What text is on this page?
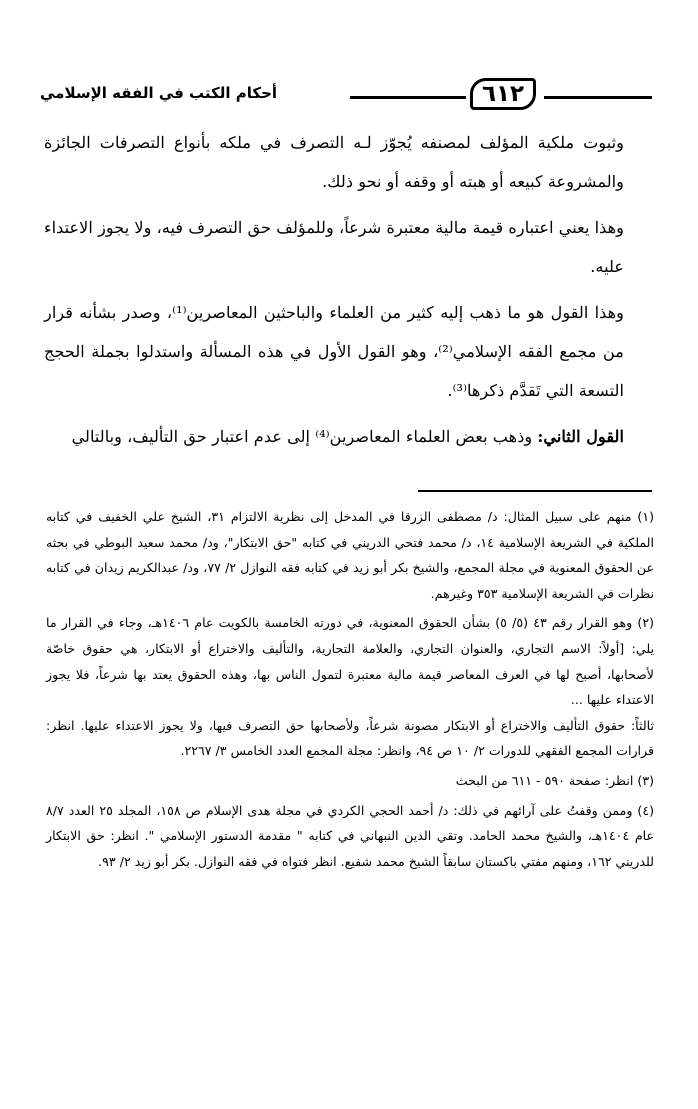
٦١٢
أحكام الكتب في الفقه الإسلامي

وثبوت ملكية المؤلف لمصنفه يُجوّز لـه التصرف في ملكه بأنواع التصرفات الجائزة والمشروعة كبيعه أو هبته أو وقفه أو نحو ذلك.

وهذا يعني اعتباره قيمة مالية معتبرة شرعاً، وللمؤلف حق التصرف فيه، ولا يجوز الاعتداء عليه.

وهذا القول هو ما ذهب إليه كثير من العلماء والباحثين المعاصرين⁽¹⁾، وصدر بشأنه قرار من مجمع الفقه الإسلامي⁽²⁾، وهو القول الأول في هذه المسألة واستدلوا بجملة الحجج التسعة التي تَقدَّم ذكرها⁽³⁾.

القول الثاني: وذهب بعض العلماء المعاصرين⁽⁴⁾ إلى عدم اعتبار حق التأليف، وبالتالي

(١) منهم على سبيل المثال: د/ مصطفى الزرقا في المدخل إلى نظرية الالتزام ٣١، الشيخ علي الخفيف في كتابه الملكية في الشريعة الإسلامية ١٤، د/ محمد فتحي الدريني في كتابه "حق الابتكار"، ود/ محمد سعيد البوطي في بحثه عن الحقوق المعنوية في مجلة المجمع، والشيخ بكر أبو زيد في كتابه فقه النوازل ٢/ ٧٧، ود/ عبدالكريم زيدان في كتابه نظرات في الشريعة الإسلامية ٣٥٣ وغيرهم.

(٢) وهو القرار رقم ٤٣ (٥/ ٥) بشأن الحقوق المعنوية، في دورته الخامسة بالكويت عام ١٤٠٦هـ، وجاء في القرار ما يلي: [أولاً: الاسم التجاري، والعنوان التجاري، والعلامة التجارية، والتأليف والاختراع أو الابتكار، هي حقوق خاصّة لأصحابها، أصبح لها في العرف المعاصر قيمة مالية معتبرة لتمول الناس بها، وهذه الحقوق يعتد بها شرعاً، فلا يجوز الاعتداء عليها ...

ثالثاً: حقوق التأليف والاختراع أو الابتكار مصونة شرعاً، ولأصحابها حق التصرف فيها، ولا يجوز الاعتداء عليها. انظر: قرارات المجمع الفقهي للدورات ٢/ ١٠ ص ٩٤، وانظر: مجلة المجمع العدد الخامس ٣/ ٢٢٦٧.

(٣) انظر: صفحة ٥٩٠ - ٦١١ من البحث

(٤) وممن وقفتُ على آرائهم في ذلك: د/ أحمد الحجي الكردي في مجلة هدى الإسلام ص ١٥٨، المجلد ٢٥ العدد ٨/٧ عام ١٤٠٤هـ، والشيخ محمد الحامد. وتقي الدين النبهاني في كتابه " مقدمة الدستور الإسلامي ". انظر: حق الابتكار للدريني ١٦٢، ومنهم مفتي باكستان سابقاً الشيخ محمد شفيع. انظر فتواه في فقه النوازل. بكر أبو زيد ٢/ ٩٣.
